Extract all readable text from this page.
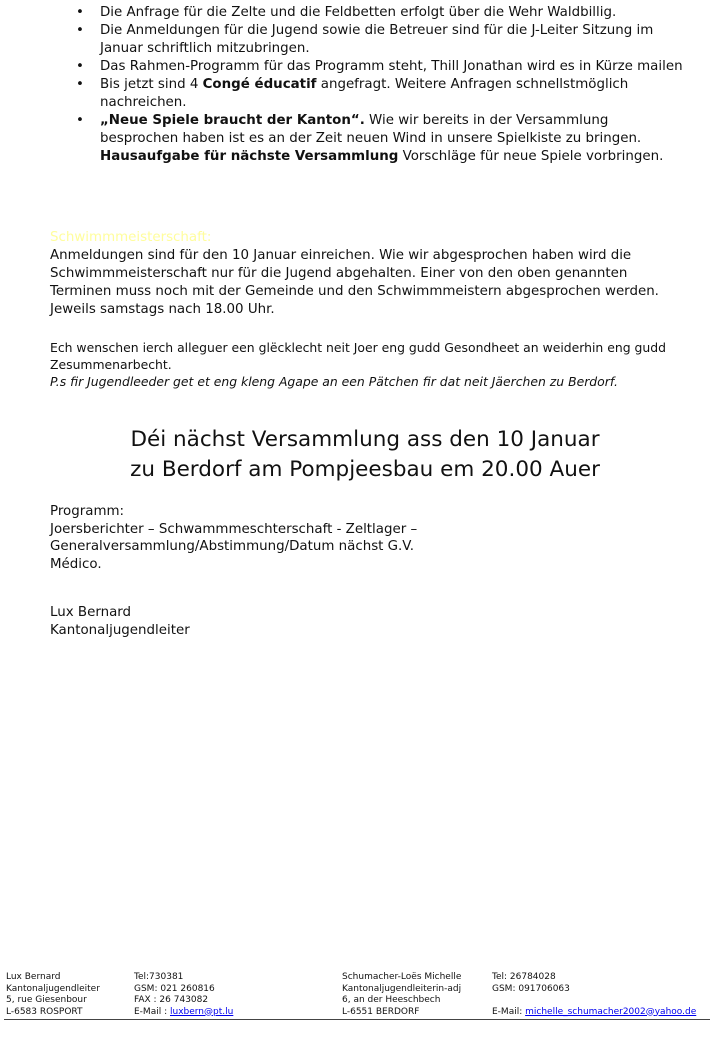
• Die Anfrage für die Zelte und die Feldbetten erfolgt über die Wehr Waldbillig.
• Die Anmeldungen für die Jugend sowie die Betreuer sind für die J-Leiter Sitzung im Januar schriftlich mitzubringen.
• Das Rahmen-Programm für das Programm steht, Thill Jonathan wird es in Kürze mailen
• Bis jetzt sind 4 Congé éducatif angefragt. Weitere Anfragen schnellstmöglich nachreichen.
• „Neue Spiele braucht der Kanton“. Wie wir bereits in der Versammlung besprochen haben ist es an der Zeit neuen Wind in unsere Spielkiste zu bringen. Hausaufgabe für nächste Versammlung Vorschläge für neue Spiele vorbringen.
Schwimmmeisterschaft:
Anmeldungen sind für den 10 Januar einreichen. Wie wir abgesprochen haben wird die Schwimmmeisterschaft nur für die Jugend abgehalten. Einer von den oben genannten Terminen muss noch mit der Gemeinde und den Schwimmmeistern abgesprochen werden. Jeweils samstags nach 18.00 Uhr.
Ech wenschen ierch alleguer een glëcklecht neit Joer eng gudd Gesondheet an weiderhin eng gudd Zesummenarbecht.
P.s fir Jugendleeder get et eng kleng Agape an een Pätchen fir dat neit Jäerchen zu Berdorf.
Déi nächst Versammlung ass den 10 Januar
zu Berdorf am Pompjeesbau em 20.00 Auer
Programm:
Joersberichter – Schwammmeschterschaft - Zeltlager –
Generalversammlung/Abstimmung/Datum nächst G.V.
Médico.
Lux Bernard
Kantonaljugendleiter
Lux Bernard
Kantonaljugendleiter
5, rue Giesenbour
L-6583 ROSPORT
Tel:730381
GSM: 021 260816
FAX : 26 743082
E-Mail : luxbern@pt.lu
Schumacher-Loës Michelle
Kantonaljugendleiterin-adj
6, an der Heeschbech
L-6551 BERDORF
Tel: 26784028
GSM: 091706063

E-Mail: michelle_schumacher2002@yahoo.de
